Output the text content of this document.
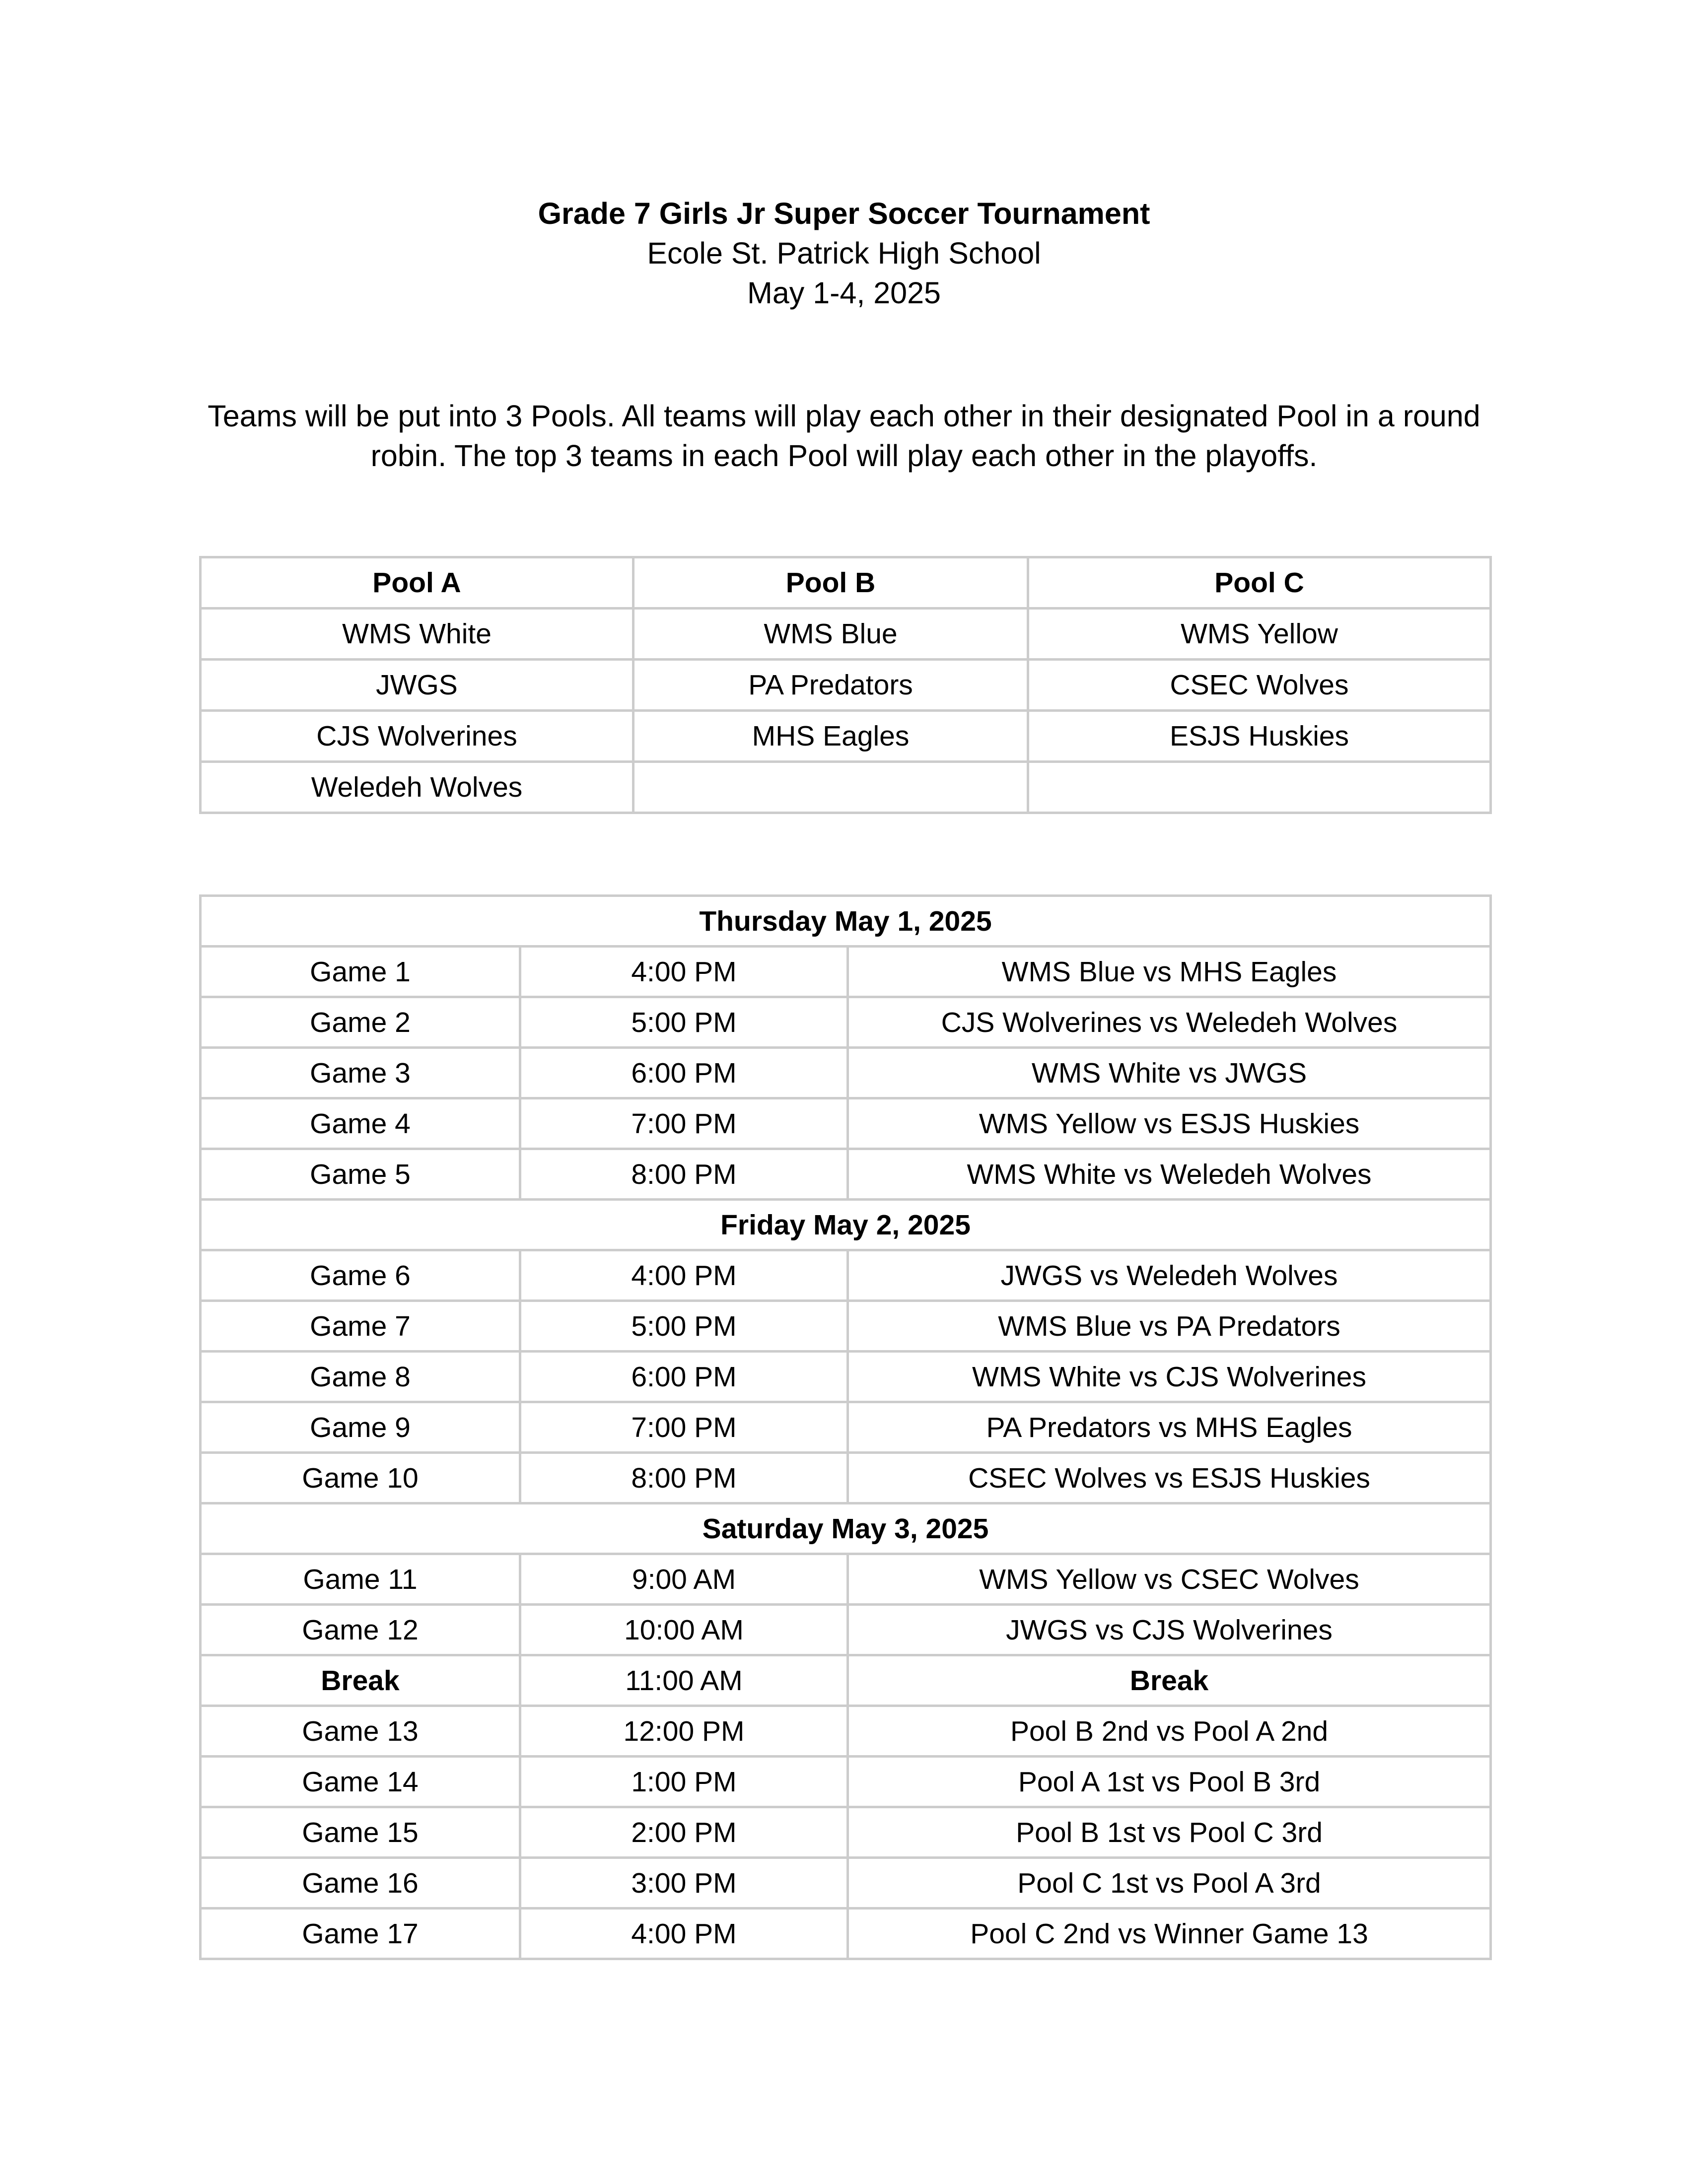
Grade 7 Girls Jr Super Soccer Tournament
Ecole St. Patrick High School
May 1-4, 2025
Teams will be put into 3 Pools. All teams will play each other in their designated Pool in a round robin. The top 3 teams in each Pool will play each other in the playoffs.
Pool A	Pool B	Pool C
WMS White	WMS Blue	WMS Yellow
JWGS	PA Predators	CSEC Wolves
CJS Wolverines	MHS Eagles	ESJS Huskies
Weledeh Wolves		
Thursday May 1, 2025		
Game 1	4:00 PM	WMS Blue vs MHS Eagles
Game 2	5:00 PM	CJS Wolverines vs Weledeh Wolves
Game 3	6:00 PM	WMS White vs JWGS
Game 4	7:00 PM	WMS Yellow vs ESJS Huskies
Game 5	8:00 PM	WMS White vs Weledeh Wolves
Friday May 2, 2025		
Game 6	4:00 PM	JWGS vs Weledeh Wolves
Game 7	5:00 PM	WMS Blue vs PA Predators
Game 8	6:00 PM	WMS White vs CJS Wolverines
Game 9	7:00 PM	PA Predators vs MHS Eagles
Game 10	8:00 PM	CSEC Wolves vs ESJS Huskies
Saturday May 3, 2025		
Game 11	9:00 AM	WMS Yellow vs CSEC Wolves
Game 12	10:00 AM	JWGS vs CJS Wolverines
Break	11:00 AM	Break
Game 13	12:00 PM	Pool B 2nd vs Pool A 2nd
Game 14	1:00 PM	Pool A 1st vs Pool B 3rd
Game 15	2:00 PM	Pool B 1st vs Pool C 3rd
Game 16	3:00 PM	Pool C 1st vs Pool A 3rd
Game 17	4:00 PM	Pool C 2nd vs Winner Game 13
